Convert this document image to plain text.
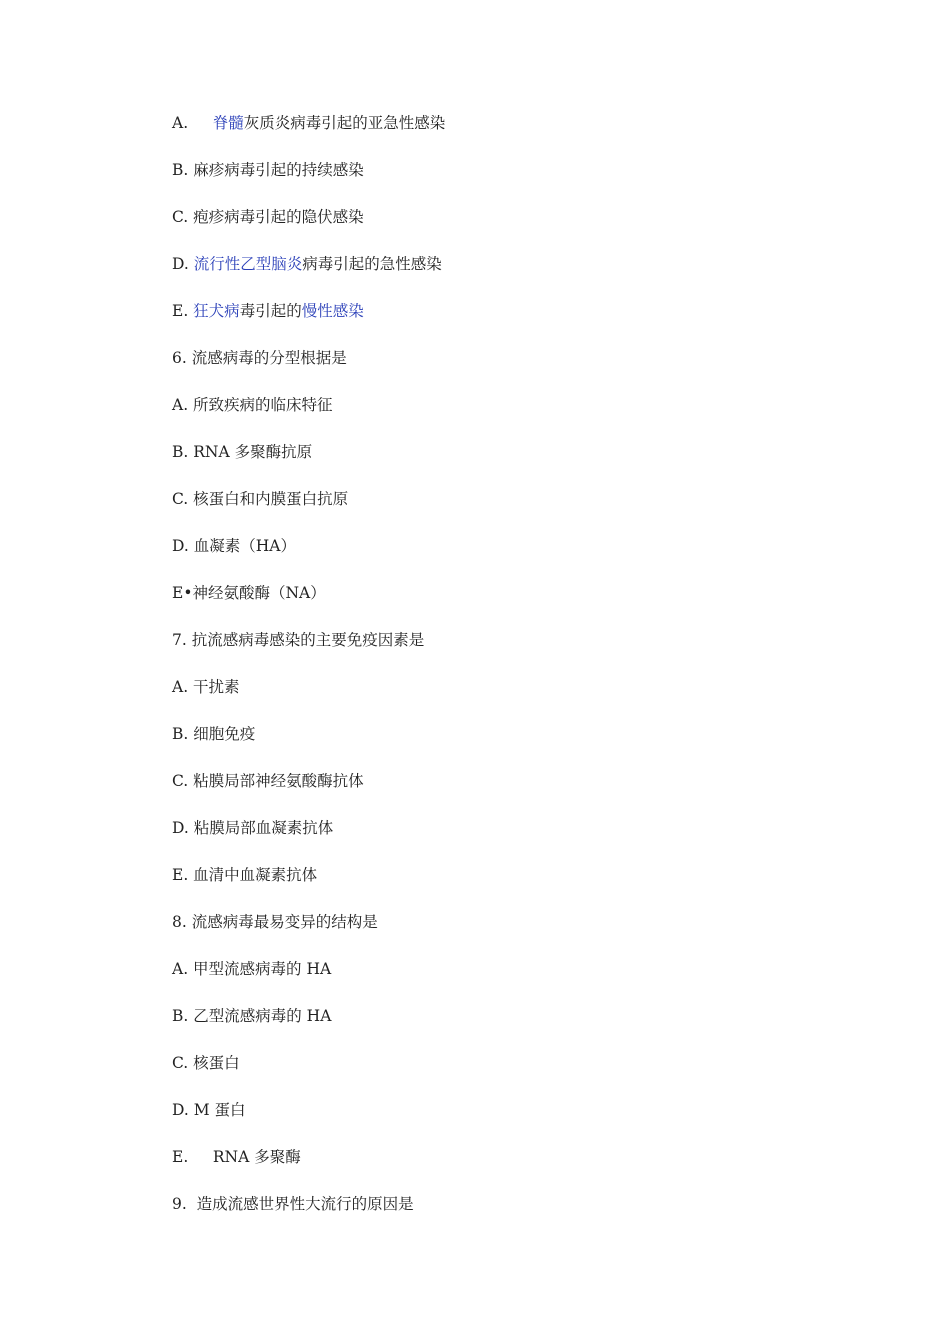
A.     脊髓灰质炎病毒引起的亚急性感染
B. 麻疹病毒引起的持续感染
C. 疱疹病毒引起的隐伏感染
D. 流行性乙型脑炎病毒引起的急性感染
E. 狂犬病毒引起的慢性感染
6. 流感病毒的分型根据是
A. 所致疾病的临床特征
B. RNA 多聚酶抗原
C. 核蛋白和内膜蛋白抗原
D. 血凝素（HA）
E•神经氨酸酶（NA）
7. 抗流感病毒感染的主要免疫因素是
A. 干扰素
B. 细胞免疫
C. 粘膜局部神经氨酸酶抗体
D. 粘膜局部血凝素抗体
E. 血清中血凝素抗体
8. 流感病毒最易变异的结构是
A. 甲型流感病毒的 HA
B. 乙型流感病毒的 HA
C. 核蛋白
D. M 蛋白
E.     RNA 多聚酶
9.  造成流感世界性大流行的原因是
